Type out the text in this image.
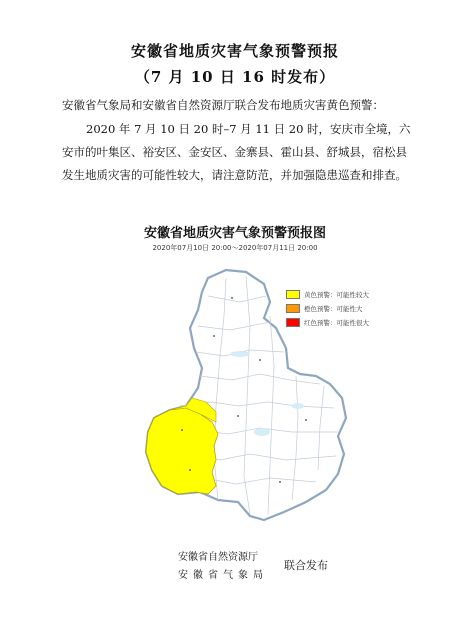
安徽省地质灾害气象预警预报
（7 月 10 日 16 时发布）
安徽省气象局和安徽省自然资源厅联合发布地质灾害黄色预警：
2020 年 7 月 10 日 20 时–7 月 11 日 20 时，安庆市全境，六安市的叶集区、裕安区、金安区、金寨县、霍山县、舒城县，宿松县发生地质灾害的可能性较大，请注意防范，并加强隐患巡查和排查。
安徽省地质灾害气象预警预报图
2020年07月10日 20:00～2020年07月11日 20:00
黄色预警：可能性较大
橙色预警：可能性大
红色预警：可能性很大
安徽省自然资源厅
安徽省气象局
联合发布
